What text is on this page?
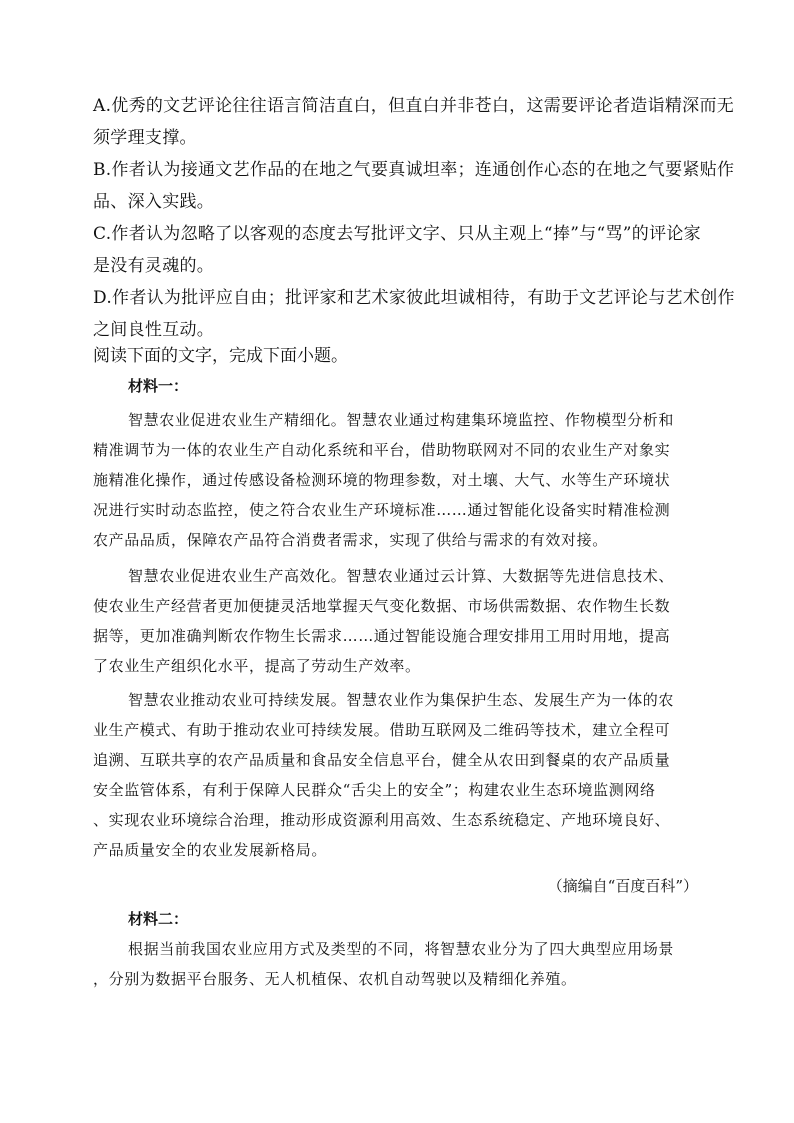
A.优秀的文艺评论往往语言简洁直白，但直白并非苍白，这需要评论者造诣精深而无
须学理支撑。
B.作者认为接通文艺作品的在地之气要真诚坦率；连通创作心态的在地之气要紧贴作
品、深入实践。
C.作者认为忽略了以客观的态度去写批评文字、只从主观上“捧”与“骂”的评论家
是没有灵魂的。
D.作者认为批评应自由；批评家和艺术家彼此坦诚相待，有助于文艺评论与艺术创作
之间良性互动。
阅读下面的文字，完成下面小题。
材料一：
智慧农业促进农业生产精细化。智慧农业通过构建集环境监控、作物模型分析和
精准调节为一体的农业生产自动化系统和平台，借助物联网对不同的农业生产对象实
施精准化操作，通过传感设备检测环境的物理参数，对土壤、大气、水等生产环境状
况进行实时动态监控，使之符合农业生产环境标准……通过智能化设备实时精准检测
农产品品质，保障农产品符合消费者需求，实现了供给与需求的有效对接。
智慧农业促进农业生产高效化。智慧农业通过云计算、大数据等先进信息技术、
使农业生产经营者更加便捷灵活地掌握天气变化数据、市场供需数据、农作物生长数
据等，更加准确判断农作物生长需求……通过智能设施合理安排用工用时用地，提高
了农业生产组织化水平，提高了劳动生产效率。
智慧农业推动农业可持续发展。智慧农业作为集保护生态、发展生产为一体的农
业生产模式、有助于推动农业可持续发展。借助互联网及二维码等技术，建立全程可
追溯、互联共享的农产品质量和食品安全信息平台，健全从农田到餐桌的农产品质量
安全监管体系，有利于保障人民群众“舌尖上的安全”；构建农业生态环境监测网络
、实现农业环境综合治理，推动形成资源利用高效、生态系统稳定、产地环境良好、
产品质量安全的农业发展新格局。
（摘编自“百度百科”）
材料二：
根据当前我国农业应用方式及类型的不同，将智慧农业分为了四大典型应用场景
，分别为数据平台服务、无人机植保、农机自动驾驶以及精细化养殖。
